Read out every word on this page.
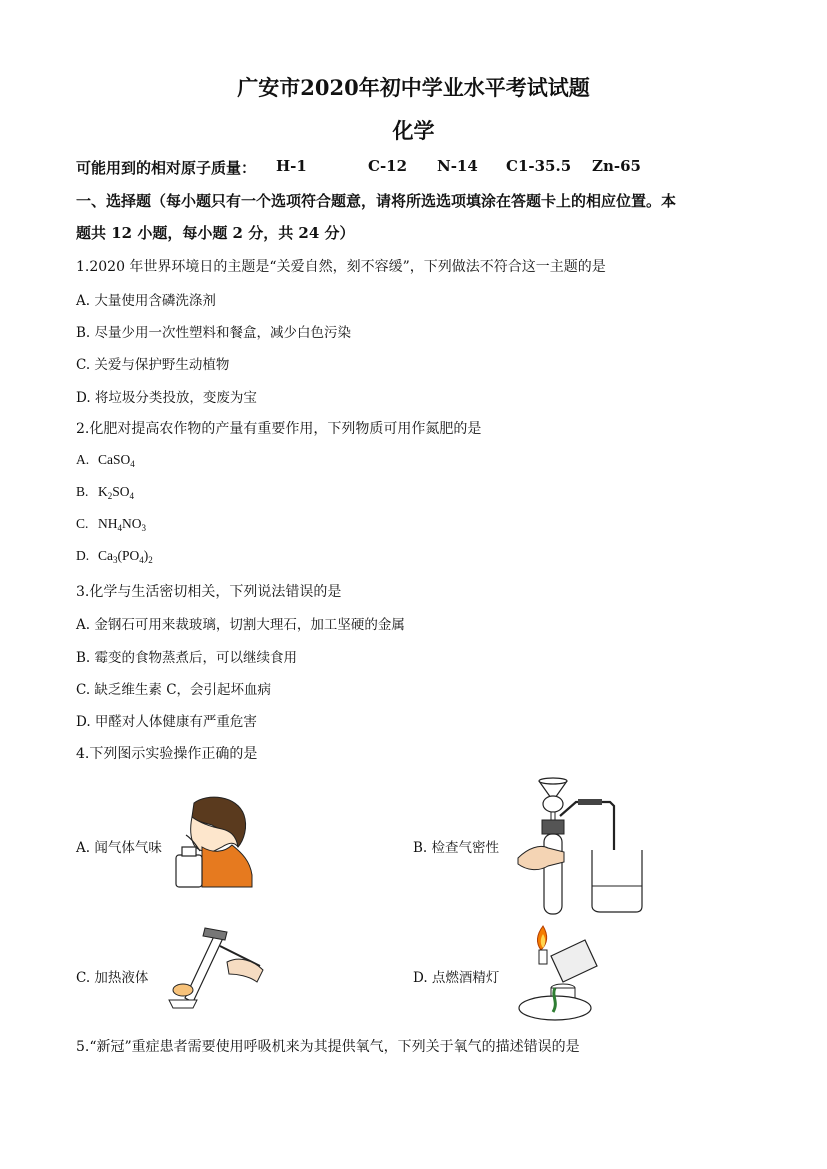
广安市2020年初中学业水平考试试题
化学
可能用到的相对原子质量： H-1	C-12 N-14 C1-35.5 Zn-65
一、选择题（每小题只有一个选项符合题意，请将所选选项填涂在答题卡上的相应位置。本
题共 12 小题，每小题 2 分，共 24 分）
1.2020 年世界环境日的主题是“关爱自然，刻不容缓”，下列做法不符合这一主题的是
A. 大量使用含磷洗涤剂
B. 尽量少用一次性塑料和餐盒，减少白色污染
C. 关爱与保护野生动植物
D. 将垃圾分类投放，变废为宝
2.化肥对提高农作物的产量有重要作用，下列物质可用作氮肥的是
A. CaSO$_4$
B. $K_2SO_4$
C. $NH_4NO_3$
D. $Ca_3(PO_4)_2$
3.化学与生活密切相关，下列说法错误的是
A. 金钢石可用来裁玻璃，切割大理石，加工坚硬的金属
B. 霉变的食物蒸煮后，可以继续食用
C. 缺乏维生素 C，会引起坏血病
D. 甲醛对人体健康有严重危害
4.下列图示实验操作正确的是
A. 闻气体气味	B. 检查气密性
C. 加热液体	D. 点燃酒精灯
5.“新冠”重症患者需要使用呼吸机来为其提供氧气，下列关于氧气的描述错误的是
